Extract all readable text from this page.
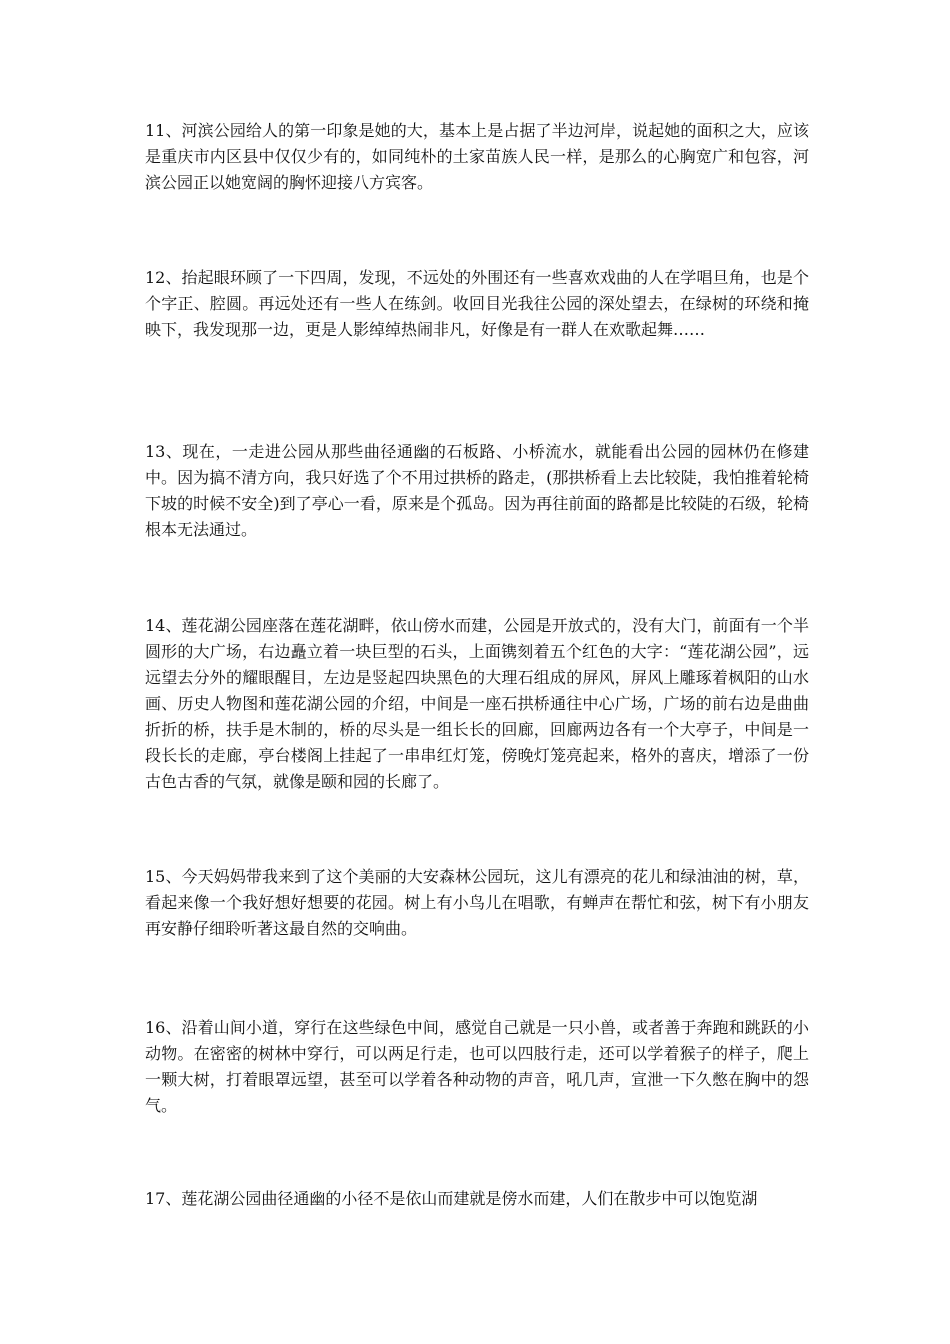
11、河滨公园给人的第一印象是她的大，基本上是占据了半边河岸，说起她的面积之大，应该是重庆市内区县中仅仅少有的，如同纯朴的土家苗族人民一样，是那么的心胸宽广和包容，河滨公园正以她宽阔的胸怀迎接八方宾客。

12、抬起眼环顾了一下四周，发现，不远处的外围还有一些喜欢戏曲的人在学唱旦角，也是个个字正、腔圆。再远处还有一些人在练剑。收回目光我往公园的深处望去，在绿树的环绕和掩映下，我发现那一边，更是人影绰绰热闹非凡，好像是有一群人在欢歌起舞……

13、现在，一走进公园从那些曲径通幽的石板路、小桥流水，就能看出公园的园林仍在修建中。因为搞不清方向，我只好选了个不用过拱桥的路走，(那拱桥看上去比较陡，我怕推着轮椅下坡的时候不安全)到了亭心一看，原来是个孤岛。因为再往前面的路都是比较陡的石级，轮椅根本无法通过。

14、莲花湖公园座落在莲花湖畔，依山傍水而建，公园是开放式的，没有大门，前面有一个半圆形的大广场，右边矗立着一块巨型的石头，上面镌刻着五个红色的大字：“莲花湖公园”，远远望去分外的耀眼醒目，左边是竖起四块黑色的大理石组成的屏风，屏风上雕琢着枫阳的山水画、历史人物图和莲花湖公园的介绍，中间是一座石拱桥通往中心广场，广场的前右边是曲曲折折的桥，扶手是木制的，桥的尽头是一组长长的回廊，回廊两边各有一个大亭子，中间是一段长长的走廊，亭台楼阁上挂起了一串串红灯笼，傍晚灯笼亮起来，格外的喜庆，增添了一份古色古香的气氛，就像是颐和园的长廊了。

15、今天妈妈带我来到了这个美丽的大安森林公园玩，这儿有漂亮的花儿和绿油油的树，草，看起来像一个我好想好想要的花园。树上有小鸟儿在唱歌，有蝉声在帮忙和弦，树下有小朋友再安静仔细聆听著这最自然的交响曲。

16、沿着山间小道，穿行在这些绿色中间，感觉自己就是一只小兽，或者善于奔跑和跳跃的小动物。在密密的树林中穿行，可以两足行走，也可以四肢行走，还可以学着猴子的样子，爬上一颗大树，打着眼罩远望，甚至可以学着各种动物的声音，吼几声，宣泄一下久憋在胸中的怨气。

17、莲花湖公园曲径通幽的小径不是依山而建就是傍水而建，人们在散步中可以饱览湖
